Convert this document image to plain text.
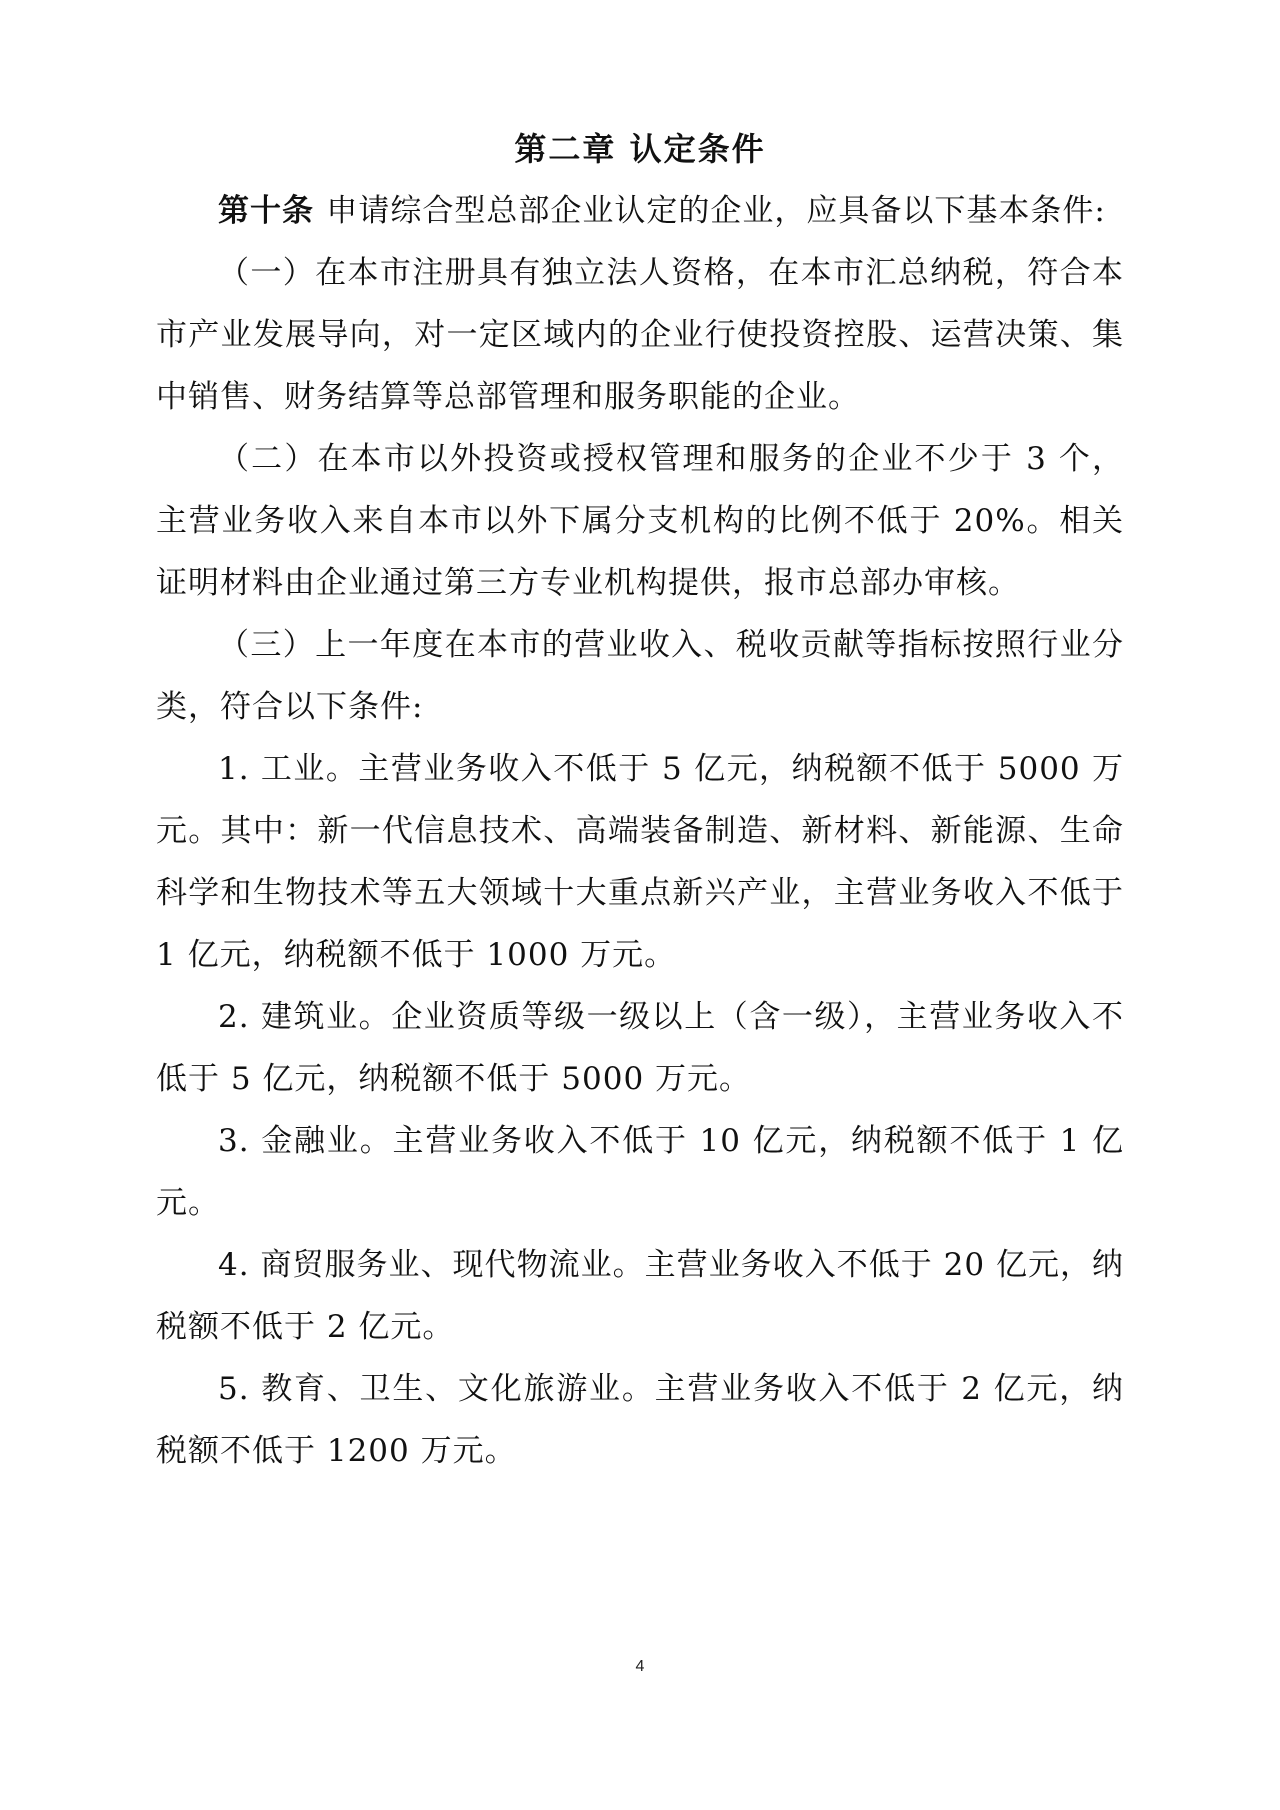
第二章 认定条件

第十条 申请综合型总部企业认定的企业，应具备以下基本条件:

（一）在本市注册具有独立法人资格，在本市汇总纳税，符合本市产业发展导向，对一定区域内的企业行使投资控股、运营决策、集中销售、财务结算等总部管理和服务职能的企业。

（二）在本市以外投资或授权管理和服务的企业不少于 3 个，主营业务收入来自本市以外下属分支机构的比例不低于 20%。相关证明材料由企业通过第三方专业机构提供，报市总部办审核。

（三）上一年度在本市的营业收入、税收贡献等指标按照行业分类，符合以下条件:

1. 工业。主营业务收入不低于 5 亿元，纳税额不低于 5000 万元。其中：新一代信息技术、高端装备制造、新材料、新能源、生命科学和生物技术等五大领域十大重点新兴产业，主营业务收入不低于 1 亿元，纳税额不低于 1000 万元。

2. 建筑业。企业资质等级一级以上（含一级），主营业务收入不低于 5 亿元，纳税额不低于 5000 万元。

3. 金融业。主营业务收入不低于 10 亿元，纳税额不低于 1 亿元。

4. 商贸服务业、现代物流业。主营业务收入不低于 20 亿元，纳税额不低于 2 亿元。

5. 教育、卫生、文化旅游业。主营业务收入不低于 2 亿元，纳税额不低于 1200 万元。

4
